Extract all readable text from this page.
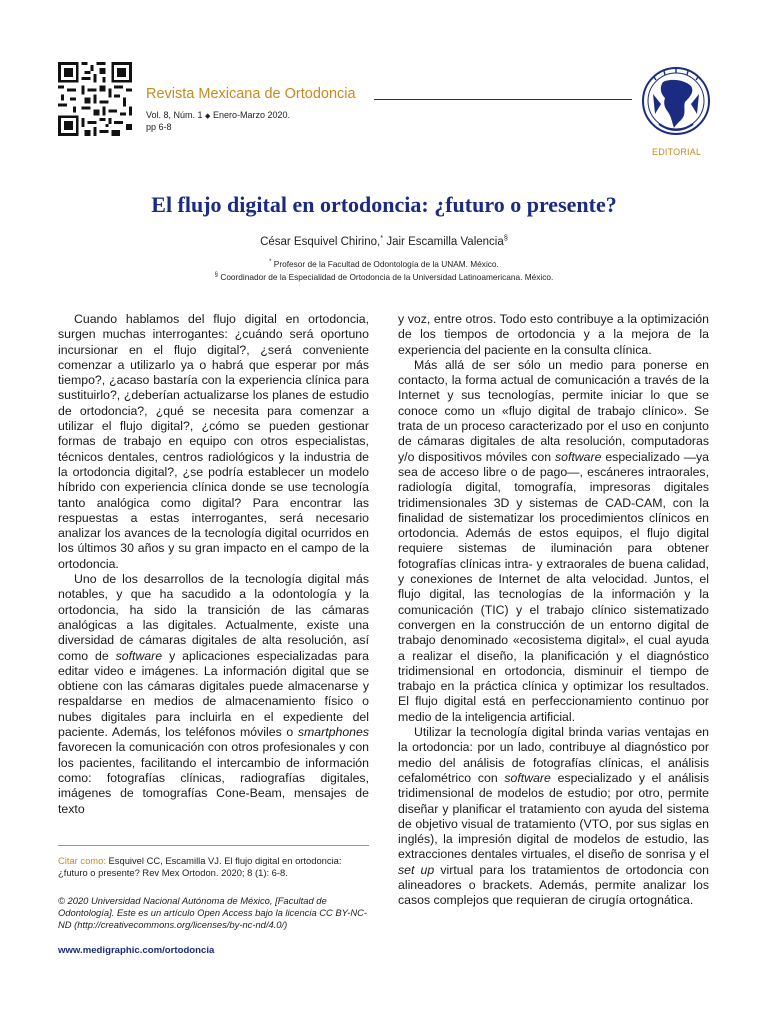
Revista Mexicana de Ortodoncia
Vol. 8, Núm. 1 ◆ Enero-Marzo 2020.
pp 6-8
EDITORIAL
El flujo digital en ortodoncia: ¿futuro o presente?
César Esquivel Chirino,* Jair Escamilla Valencia§
* Profesor de la Facultad de Odontología de la UNAM. México.
§ Coordinador de la Especialidad de Ortodoncia de la Universidad Latinoamericana. México.

Cuando hablamos del flujo digital en ortodoncia, surgen muchas interrogantes: ¿cuándo será oportuno incursionar en el flujo digital?, ¿será conveniente comenzar a utilizarlo ya o habrá que esperar por más tiempo?, ¿acaso bastaría con la experiencia clínica para sustituirlo?, ¿deberían actualizarse los planes de estudio de ortodoncia?, ¿qué se necesita para comenzar a utilizar el flujo digital?, ¿cómo se pueden gestionar formas de trabajo en equipo con otros especialistas, técnicos dentales, centros radiológicos y la industria de la ortodoncia digital?, ¿se podría establecer un modelo híbrido con experiencia clínica donde se use tecnología tanto analógica como digital? Para encontrar las respuestas a estas interrogantes, será necesario analizar los avances de la tecnología digital ocurridos en los últimos 30 años y su gran impacto en el campo de la ortodoncia.

Uno de los desarrollos de la tecnología digital más notables, y que ha sacudido a la odontología y la ortodoncia, ha sido la transición de las cámaras analógicas a las digitales. Actualmente, existe una diversidad de cámaras digitales de alta resolución, así como de software y aplicaciones especializadas para editar video e imágenes. La información digital que se obtiene con las cámaras digitales puede almacenarse y respaldarse en medios de almacenamiento físico o nubes digitales para incluirla en el expediente del paciente. Además, los teléfonos móviles o smartphones favorecen la comunicación con otros profesionales y con los pacientes, facilitando el intercambio de información como: fotografías clínicas, radiografías digitales, imágenes de tomografías Cone-Beam, mensajes de texto

y voz, entre otros. Todo esto contribuye a la optimización de los tiempos de ortodoncia y a la mejora de la experiencia del paciente en la consulta clínica.

Más allá de ser sólo un medio para ponerse en contacto, la forma actual de comunicación a través de la Internet y sus tecnologías, permite iniciar lo que se conoce como un «flujo digital de trabajo clínico». Se trata de un proceso caracterizado por el uso en conjunto de cámaras digitales de alta resolución, computadoras y/o dispositivos móviles con software especializado —ya sea de acceso libre o de pago—, escáneres intraorales, radiología digital, tomografía, impresoras digitales tridimensionales 3D y sistemas de CAD-CAM, con la finalidad de sistematizar los procedimientos clínicos en ortodoncia. Además de estos equipos, el flujo digital requiere sistemas de iluminación para obtener fotografías clínicas intra- y extraorales de buena calidad, y conexiones de Internet de alta velocidad. Juntos, el flujo digital, las tecnologías de la información y la comunicación (TIC) y el trabajo clínico sistematizado convergen en la construcción de un entorno digital de trabajo denominado «ecosistema digital», el cual ayuda a realizar el diseño, la planificación y el diagnóstico tridimensional en ortodoncia, disminuir el tiempo de trabajo en la práctica clínica y optimizar los resultados. El flujo digital está en perfeccionamiento continuo por medio de la inteligencia artificial.

Utilizar la tecnología digital brinda varias ventajas en la ortodoncia: por un lado, contribuye al diagnóstico por medio del análisis de fotografías clínicas, el análisis cefalométrico con software especializado y el análisis tridimensional de modelos de estudio; por otro, permite diseñar y planificar el tratamiento con ayuda del sistema de objetivo visual de tratamiento (VTO, por sus siglas en inglés), la impresión digital de modelos de estudio, las extracciones dentales virtuales, el diseño de sonrisa y el set up virtual para los tratamientos de ortodoncia con alineadores o brackets. Además, permite analizar los casos complejos que requieran de cirugía ortognática.

Citar como: Esquivel CC, Escamilla VJ. El flujo digital en ortodoncia: ¿futuro o presente? Rev Mex Ortodon. 2020; 8 (1): 6-8.
© 2020 Universidad Nacional Autónoma de México, [Facultad de Odontología]. Este es un artículo Open Access bajo la licencia CC BY-NC-ND (http://creativecommons.org/licenses/by-nc-nd/4.0/)
www.medigraphic.com/ortodoncia
